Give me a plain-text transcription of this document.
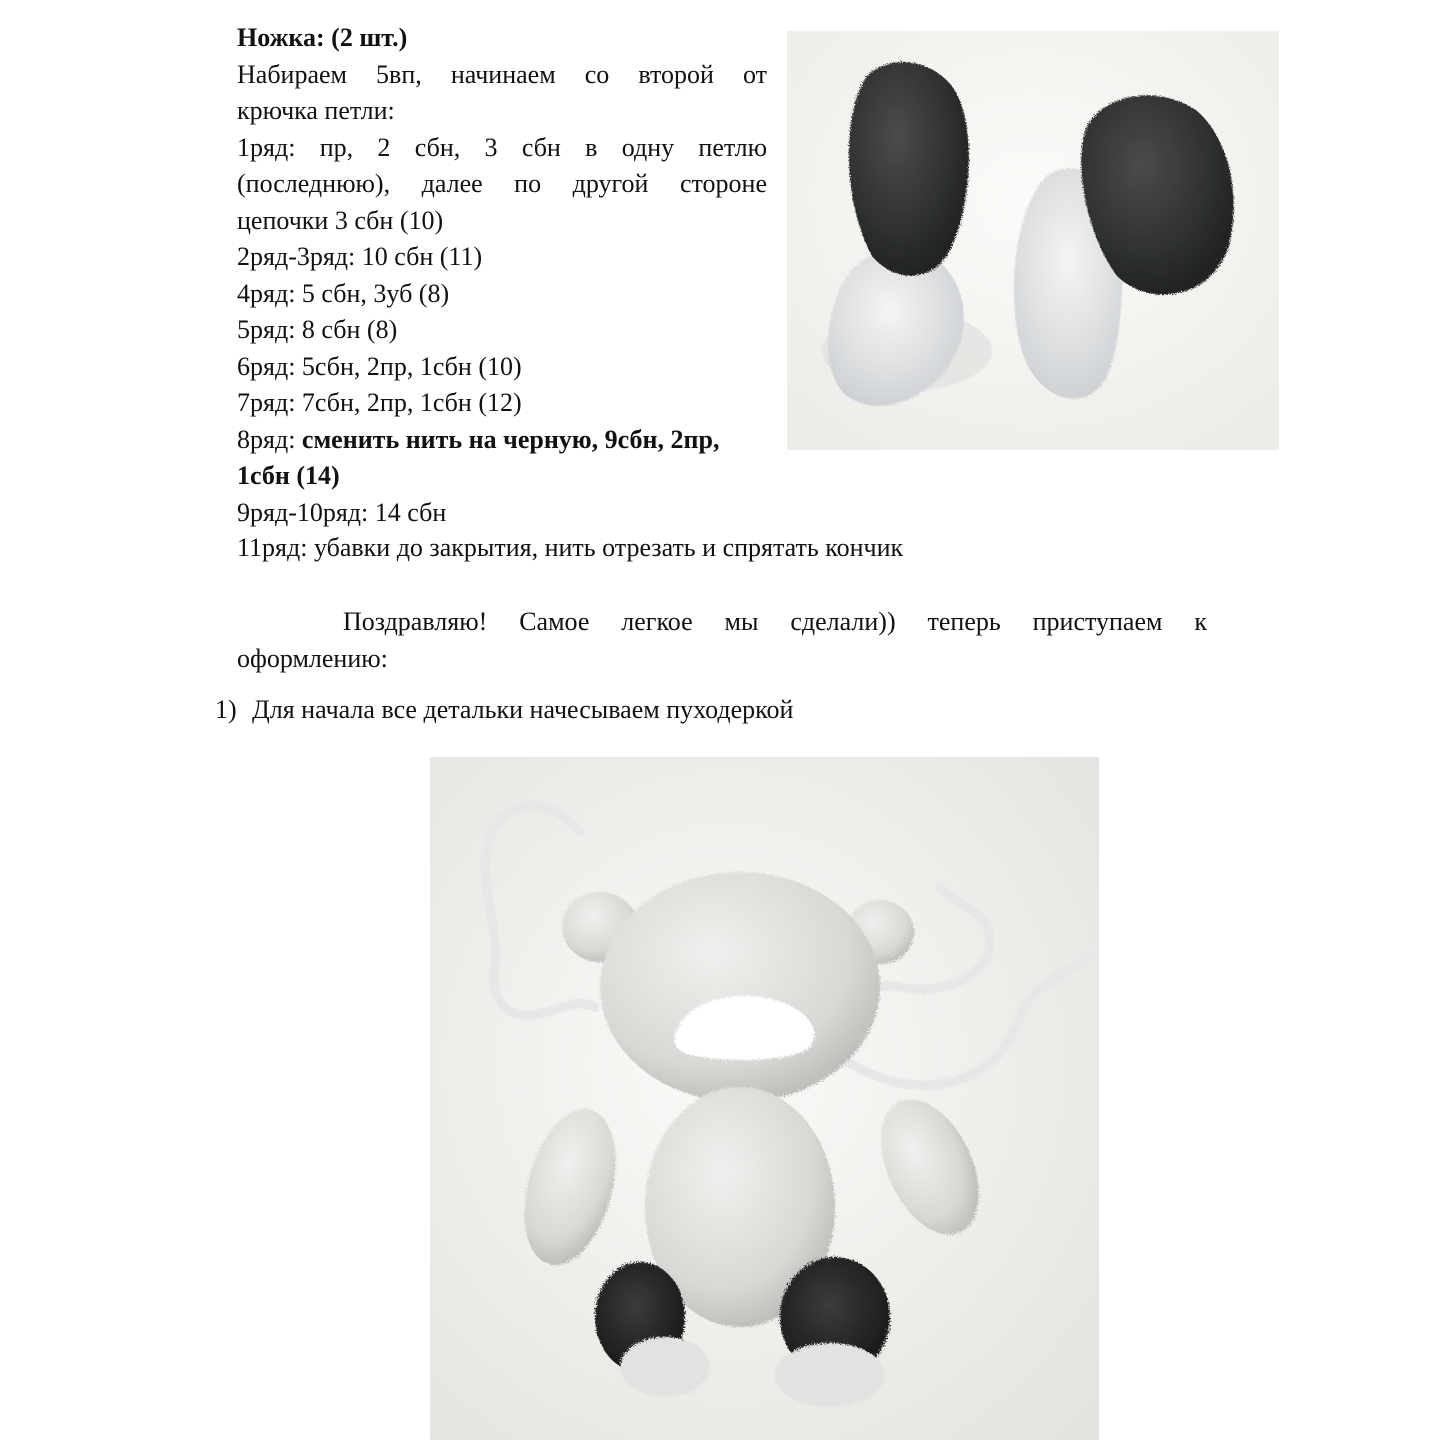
Ножка: (2 шт.)
Набираем 5вп, начинаем со второй от
крючка петли:
1ряд: пр, 2 сбн, 3 сбн в одну петлю
(последнюю), далее по другой стороне
цепочки 3 сбн (10)
2ряд-3ряд: 10 сбн (11)
4ряд: 5 сбн, 3уб (8)
5ряд: 8 сбн (8)
6ряд: 5сбн, 2пр, 1сбн (10)
7ряд: 7сбн, 2пр, 1сбн (12)
8ряд: сменить нить на черную, 9сбн, 2пр,
1сбн (14)
9ряд-10ряд: 14 сбн
11ряд: убавки до закрытия, нить отрезать и спрятать кончик
Поздравляю! Самое легкое мы сделали)) теперь приступаем к
оформлению:
1) Для начала все детальки начесываем пуходеркой
